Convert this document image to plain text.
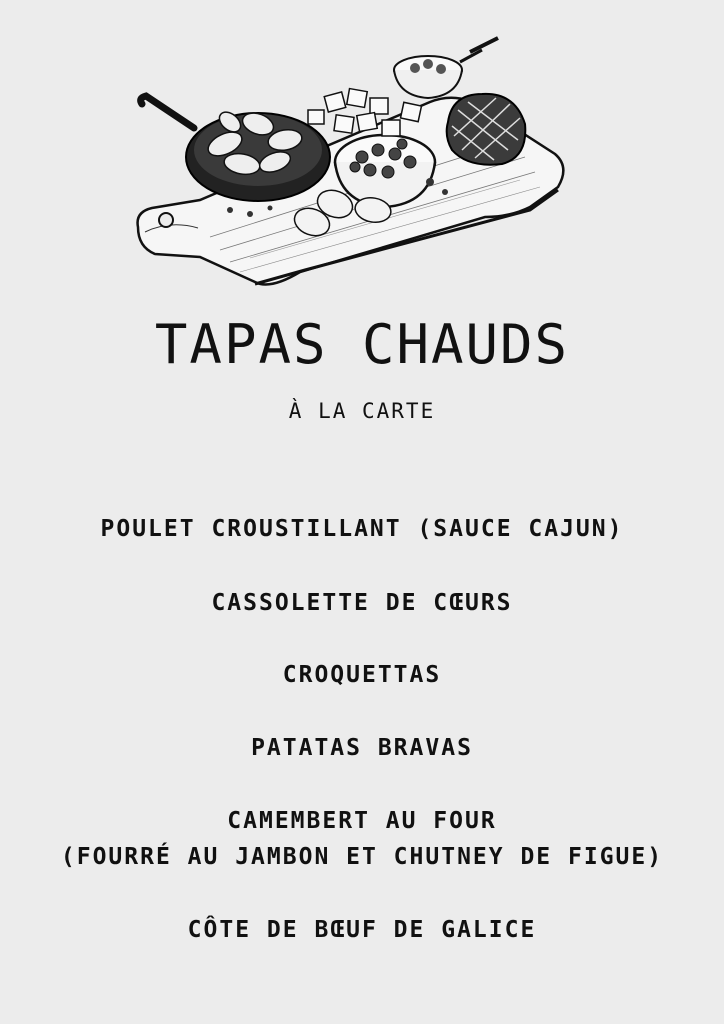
TAPAS CHAUDS
À LA CARTE
POULET CROUSTILLANT (SAUCE CAJUN)
CASSOLETTE DE CŒURS
CROQUETTAS
PATATAS BRAVAS
CAMEMBERT AU FOUR
(FOURRÉ AU JAMBON ET CHUTNEY DE FIGUE)
CÔTE DE BŒUF DE GALICE
